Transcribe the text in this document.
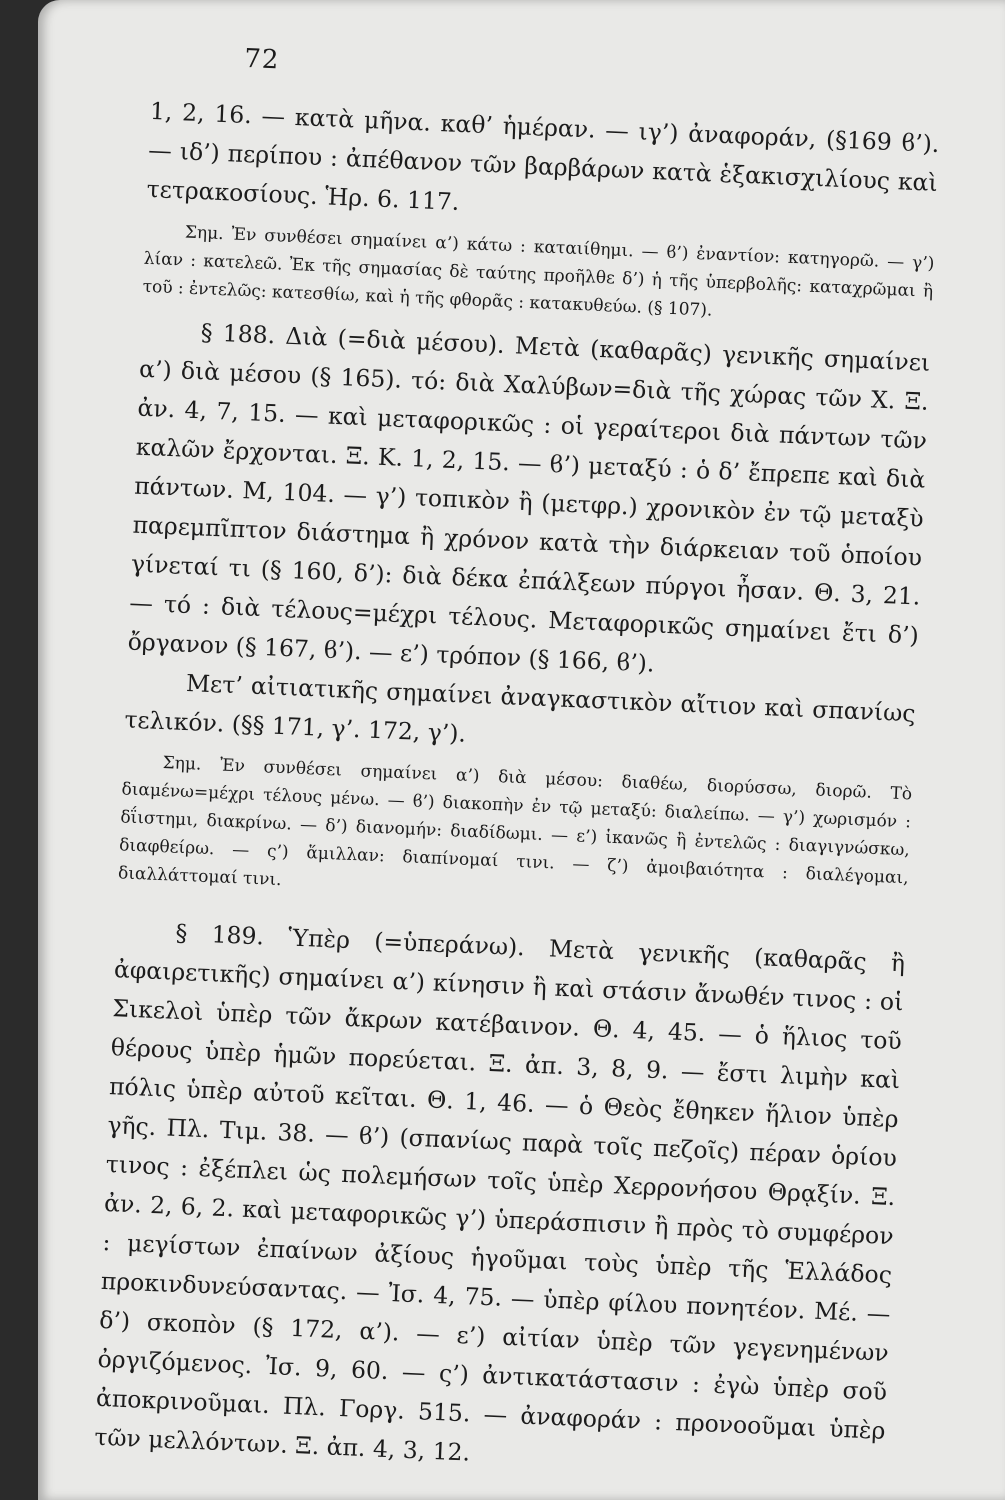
72

1, 2, 16. — κατὰ μῆνα. καθ’ ἡμέραν. — ιγ’) ἀναφοράν, (§169 ϐ’). — ιδ’) περίπου : ἀπέθανον τῶν βαρβάρων κατὰ ἑξακισχιλίους καὶ τετρακοσίους. Ἡρ. 6. 117.

Σημ. Ἐν συνθέσει σημαίνει α’) κάτω : καταιίθημι. — ϐ’) ἐναντίον: κατηγορῶ. — γ’) λίαν : κατελεῶ. Ἐκ τῆς σημασίας δὲ ταύτης προῆλθε δ’) ἡ τῆς ὑπερβολῆς: καταχρῶμαι ἢ τοῦ : ἐντελῶς: κατεσθίω, καὶ ἡ τῆς φθορᾶς : κατακυθεύω. (§ 107).

§ 188. Διὰ (=διὰ μέσου). Μετὰ (καθαρᾶς) γενικῆς σημαίνει α’) διὰ μέσου (§ 165). τό: διὰ Χαλύβων=διὰ τῆς χώρας τῶν Χ. Ξ. ἀν. 4, 7, 15. — καὶ μεταφορικῶς : οἱ γεραίτεροι διὰ πάντων τῶν καλῶν ἔρχονται. Ξ. Κ. 1, 2, 15. — ϐ’) μεταξύ : ὁ δ’ ἔπρεπε καὶ διὰ πάντων. Μ, 104. — γ’) τοπικὸν ἢ (μετφρ.) χρονικὸν ἐν τῷ μεταξὺ παρεμπῖπτον διάστημα ἢ χρόνον κατὰ τὴν διάρκειαν τοῦ ὁποίου γίνεταί τι (§ 160, δ’): διὰ δέκα ἐπάλξεων πύργοι ἦσαν. Θ. 3, 21. — τό : διὰ τέλους=μέχρι τέλους. Μεταφορικῶς σημαίνει ἔτι δ’) ὄργανον (§ 167, ϐ’). — ε’) τρόπον (§ 166, ϐ’).

Μετ’ αἰτιατικῆς σημαίνει ἀναγκαστικὸν αἴτιον καὶ σπανίως τελικόν. (§§ 171, γ’. 172, γ’).

Σημ. Ἐν συνθέσει σημαίνει α’) διὰ μέσου: διαθέω, διορύσσω, διορῶ. Τὸ διαμένω=μέχρι τέλους μένω. — ϐ’) διακοπὴν ἐν τῷ μεταξύ: διαλείπω. — γ’) χωρισμόν : δΐιστημι, διακρίνω. — δ’) διανομήν: διαδίδωμι. — ε’) ἱκανῶς ἢ ἐντελῶς : διαγιγνώσκω, διαφθείρω. — ς’) ἅμιλλαν: διαπίνομαί τινι. — ζ’) ἀμοιβαιότητα : διαλέγομαι, διαλλάττομαί τινι.

§ 189. Ὑπὲρ (=ὑπεράνω). Μετὰ γενικῆς (καθαρᾶς ἢ ἀφαιρετικῆς) σημαίνει α’) κίνησιν ἢ καὶ στάσιν ἄνωθέν τινος : οἱ Σικελοὶ ὑπὲρ τῶν ἄκρων κατέβαινον. Θ. 4, 45. — ὁ ἥλιος τοῦ θέρους ὑπὲρ ἡμῶν πορεύεται. Ξ. ἀπ. 3, 8, 9. — ἔστι λιμὴν καὶ πόλις ὑπὲρ αὐτοῦ κεῖται. Θ. 1, 46. — ὁ Θεὸς ἔθηκεν ἥλιον ὑπὲρ γῆς. Πλ. Τιμ. 38. — ϐ’) (σπανίως παρὰ τοῖς πεζοῖς) πέραν ὁρίου τινος : ἐξέπλει ὡς πολεμήσων τοῖς ὑπὲρ Χερρονήσου Θρᾳξίν. Ξ. ἀν. 2, 6, 2. καὶ μεταφορικῶς γ’) ὑπεράσπισιν ἢ πρὸς τὸ συμφέρον : μεγίστων ἐπαίνων ἀξίους ἡγοῦμαι τοὺς ὑπὲρ τῆς Ἑλλάδος προκινδυνεύσαντας. — Ἰσ. 4, 75. — ὑπὲρ φίλου πονητέον. Μέ. — δ’) σκοπὸν (§ 172, α’). — ε’) αἰτίαν ὑπὲρ τῶν γεγενημένων ὀργιζόμενος. Ἰσ. 9, 60. — ς’) ἀντικατάστασιν : ἐγὼ ὑπὲρ σοῦ ἀποκρινοῦμαι. Πλ. Γοργ. 515. — ἀναφοράν : προνοοῦμαι ὑπὲρ τῶν μελλόντων. Ξ. ἀπ. 4, 3, 12.
